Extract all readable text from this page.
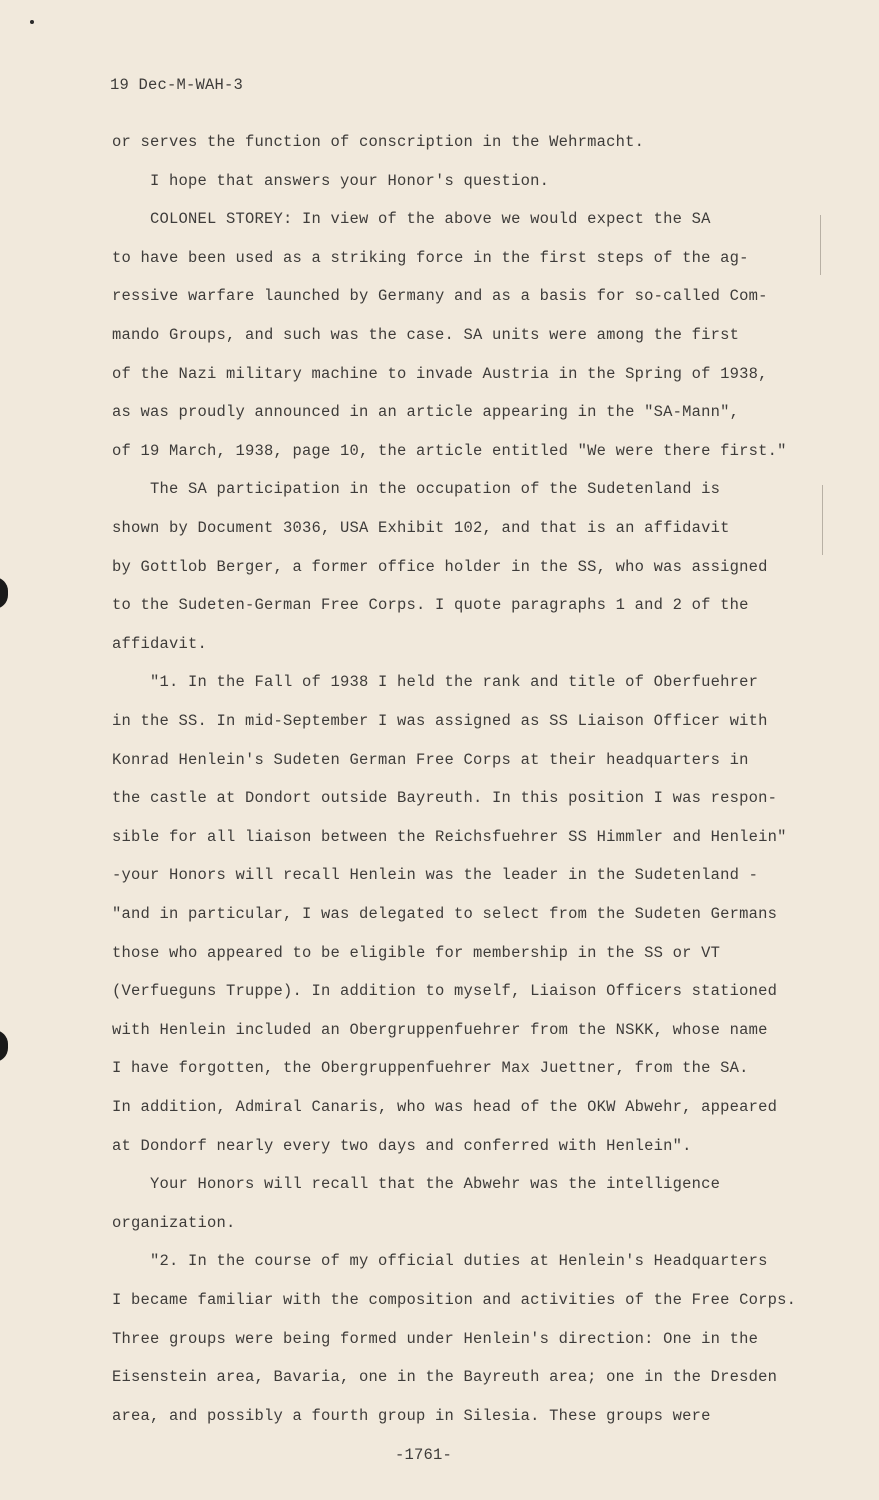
19 Dec-M-WAH-3
or serves the function of conscription in the Wehrmacht.
I hope that answers your Honor's question.
COLONEL STOREY: In view of the above we would expect the SA
to have been used as a striking force in the first steps of the ag-
ressive warfare launched by Germany and as a basis for so-called Com-
mando Groups, and such was the case. SA units were among the first
of the Nazi military machine to invade Austria in the Spring of 1938,
as was proudly announced in an article appearing in the "SA-Mann",
of 19 March, 1938, page 10, the article entitled "We were there first."
The SA participation in the occupation of the Sudetenland is
shown by Document 3036, USA Exhibit 102, and that is an affidavit
by Gottlob Berger, a former office holder in the SS, who was assigned
to the Sudeten-German Free Corps. I quote paragraphs 1 and 2 of the
affidavit.
"1. In the Fall of 1938 I held the rank and title of Oberfuehrer
in the SS. In mid-September I was assigned as SS Liaison Officer with
Konrad Henlein's Sudeten German Free Corps at their headquarters in
the castle at Dondort outside Bayreuth. In this position I was respon-
sible for all liaison between the Reichsfuehrer SS Himmler and Henlein"
-your Honors will recall Henlein was the leader in the Sudetenland -
"and in particular, I was delegated to select from the Sudeten Germans
those who appeared to be eligible for membership in the SS or VT
(Verfueguns Truppe). In addition to myself, Liaison Officers stationed
with Henlein included an Obergruppenfuehrer from the NSKK, whose name
I have forgotten, the Obergruppenfuehrer Max Juettner, from the SA.
In addition, Admiral Canaris, who was head of the OKW Abwehr, appeared
at Dondorf nearly every two days and conferred with Henlein".
Your Honors will recall that the Abwehr was the intelligence
organization.
"2. In the course of my official duties at Henlein's Headquarters
I became familiar with the composition and activities of the Free Corps.
Three groups were being formed under Henlein's direction: One in the
Eisenstein area, Bavaria, one in the Bayreuth area; one in the Dresden
area, and possibly a fourth group in Silesia. These groups were
-1761-
